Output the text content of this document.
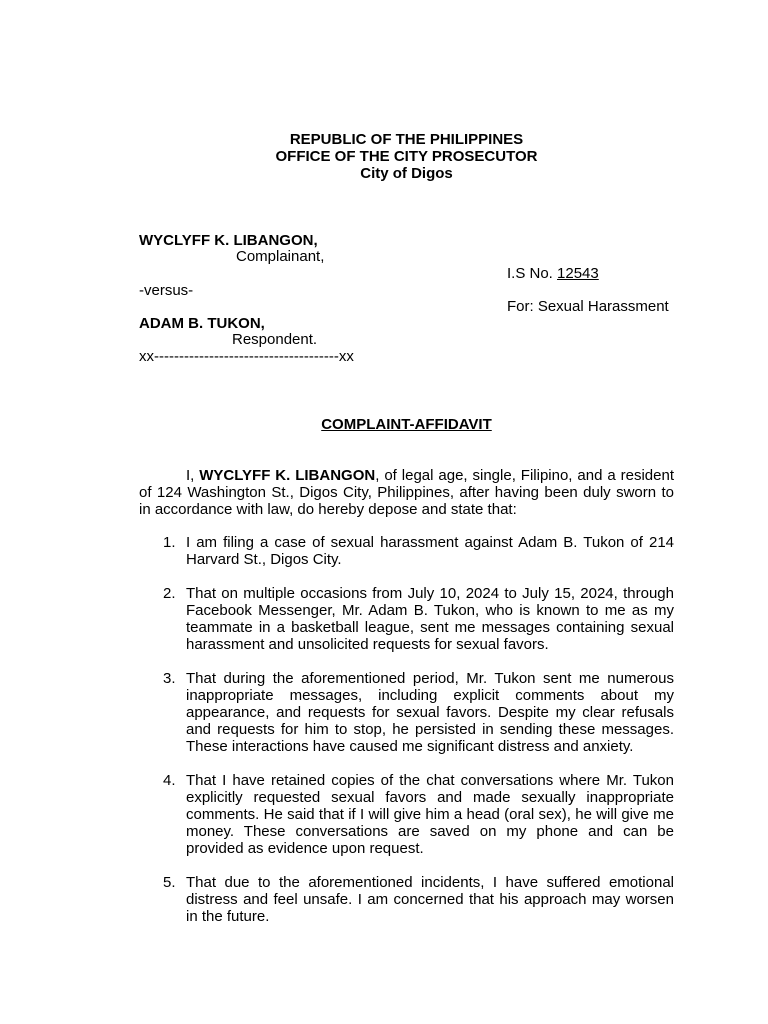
REPUBLIC OF THE PHILIPPINES
OFFICE OF THE CITY PROSECUTOR
City of Digos
WYCLYFF K. LIBANGON,
Complainant,
I.S No. 12543
-versus-
For: Sexual Harassment
ADAM B. TUKON,
Respondent.
xx-------------------------------------xx
COMPLAINT-AFFIDAVIT

I, WYCLYFF K. LIBANGON, of legal age, single, Filipino, and a resident of 124 Washington St., Digos City, Philippines, after having been duly sworn to in accordance with law, do hereby depose and state that:

1. I am filing a case of sexual harassment against Adam B. Tukon of 214 Harvard St., Digos City.
2. That on multiple occasions from July 10, 2024 to July 15, 2024, through Facebook Messenger, Mr. Adam B. Tukon, who is known to me as my teammate in a basketball league, sent me messages containing sexual harassment and unsolicited requests for sexual favors.
3. That during the aforementioned period, Mr. Tukon sent me numerous inappropriate messages, including explicit comments about my appearance, and requests for sexual favors. Despite my clear refusals and requests for him to stop, he persisted in sending these messages. These interactions have caused me significant distress and anxiety.
4. That I have retained copies of the chat conversations where Mr. Tukon explicitly requested sexual favors and made sexually inappropriate comments. He said that if I will give him a head (oral sex), he will give me money. These conversations are saved on my phone and can be provided as evidence upon request.
5. That due to the aforementioned incidents, I have suffered emotional distress and feel unsafe. I am concerned that his approach may worsen in the future.
